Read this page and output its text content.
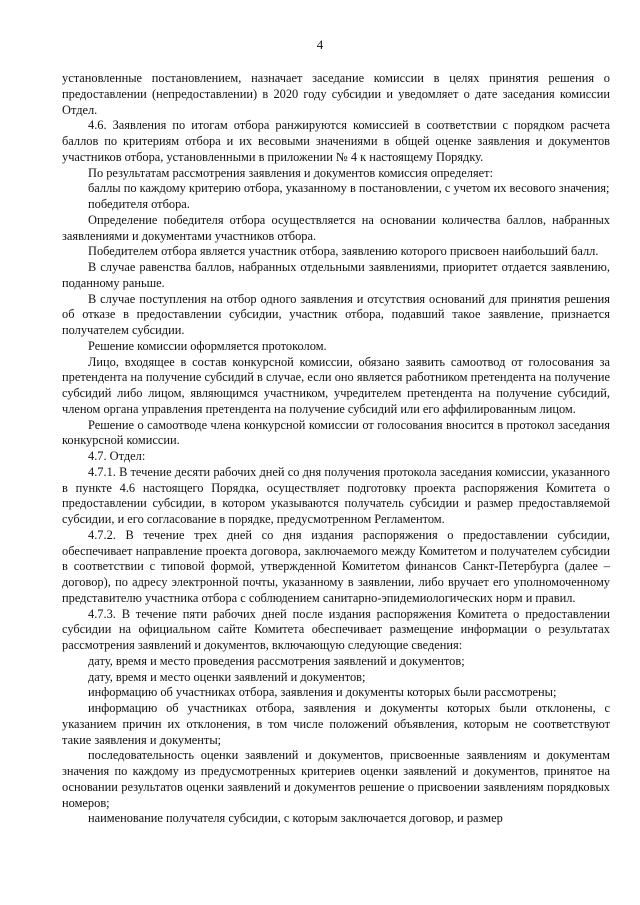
4

установленные постановлением, назначает заседание комиссии в целях принятия решения о предоставлении (непредоставлении) в 2020 году субсидии и уведомляет о дате заседания комиссии Отдел.

4.6. Заявления по итогам отбора ранжируются комиссией в соответствии с порядком расчета баллов по критериям отбора и их весовыми значениями в общей оценке заявления и документов участников отбора, установленными в приложении № 4 к настоящему Порядку.

По результатам рассмотрения заявления и документов комиссия определяет:

баллы по каждому критерию отбора, указанному в постановлении, с учетом их весового значения;

победителя отбора.

Определение победителя отбора осуществляется на основании количества баллов, набранных заявлениями и документами участников отбора.

Победителем отбора является участник отбора, заявлению которого присвоен наибольший балл.

В случае равенства баллов, набранных отдельными заявлениями, приоритет отдается заявлению, поданному раньше.

В случае поступления на отбор одного заявления и отсутствия оснований для принятия решения об отказе в предоставлении субсидии, участник отбора, подавший такое заявление, признается получателем субсидии.

Решение комиссии оформляется протоколом.

Лицо, входящее в состав конкурсной комиссии, обязано заявить самоотвод от голосования за претендента на получение субсидий в случае, если оно является работником претендента на получение субсидий либо лицом, являющимся участником, учредителем претендента на получение субсидий, членом органа управления претендента на получение субсидий или его аффилированным лицом.

Решение о самоотводе члена конкурсной комиссии от голосования вносится в протокол заседания конкурсной комиссии.

4.7. Отдел:

4.7.1. В течение десяти рабочих дней со дня получения протокола заседания комиссии, указанного в пункте 4.6 настоящего Порядка, осуществляет подготовку проекта распоряжения Комитета о предоставлении субсидии, в котором указываются получатель субсидии и размер предоставляемой субсидии, и его согласование в порядке, предусмотренном Регламентом.

4.7.2. В течение трех дней со дня издания распоряжения о предоставлении субсидии, обеспечивает направление проекта договора, заключаемого между Комитетом и получателем субсидии в соответствии с типовой формой, утвержденной Комитетом финансов Санкт-Петербурга (далее – договор), по адресу электронной почты, указанному в заявлении, либо вручает его уполномоченному представителю участника отбора с соблюдением санитарно-эпидемиологических норм и правил.

4.7.3. В течение пяти рабочих дней после издания распоряжения Комитета о предоставлении субсидии на официальном сайте Комитета обеспечивает размещение информации о результатах рассмотрения заявлений и документов, включающую следующие сведения:

дату, время и место проведения рассмотрения заявлений и документов;

дату, время и место оценки заявлений и документов;

информацию об участниках отбора, заявления и документы которых были рассмотрены;

информацию об участниках отбора, заявления и документы которых были отклонены, с указанием причин их отклонения, в том числе положений объявления, которым не соответствуют такие заявления и документы;

последовательность оценки заявлений и документов, присвоенные заявлениям и документам значения по каждому из предусмотренных критериев оценки заявлений и документов, принятое на основании результатов оценки заявлений и документов решение о присвоении заявлениям порядковых номеров;

наименование получателя субсидии, с которым заключается договор, и размер
